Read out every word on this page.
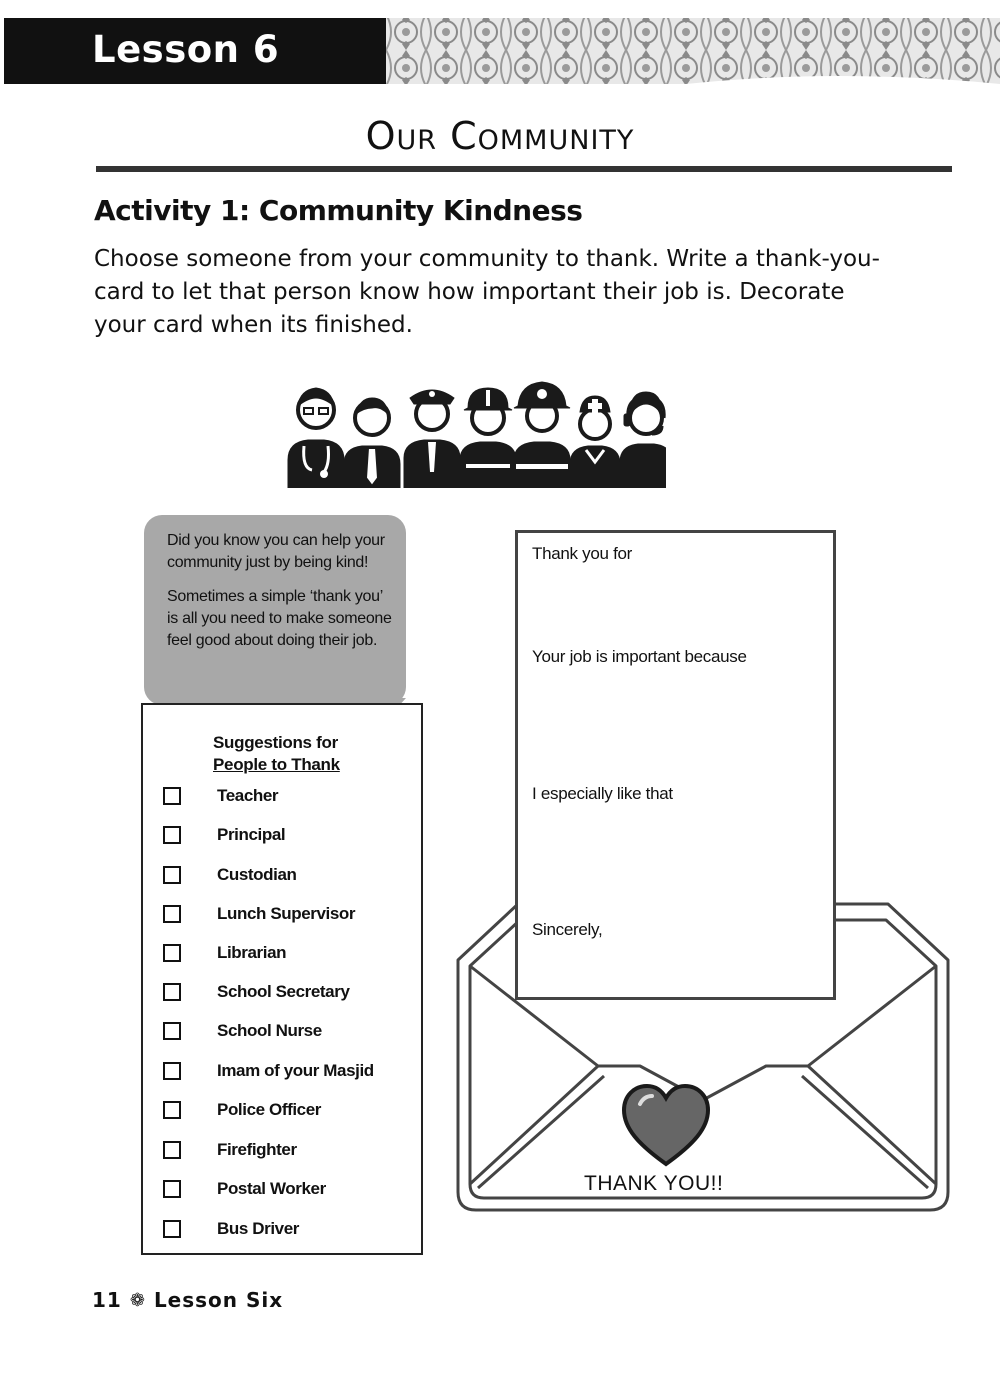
Lesson 6
Our Community
Activity 1: Community Kindness
Choose someone from your community to thank. Write a thank-you-card to let that person know how important their job is. Decorate your card when its finished.

Did you know you can help your community just by being kind!

Sometimes a simple ‘thank you’ is all you need to make someone feel good about doing their job.

Suggestions for
People to Thank
Teacher
Principal
Custodian
Lunch Supervisor
Librarian
School Secretary
School Nurse
Imam of your Masjid
Police Officer
Firefighter
Postal Worker
Bus Driver
Thank you for
Your job is important because
I especially like that
Sincerely,
THANK YOU!!
11 ❁ Lesson Six
